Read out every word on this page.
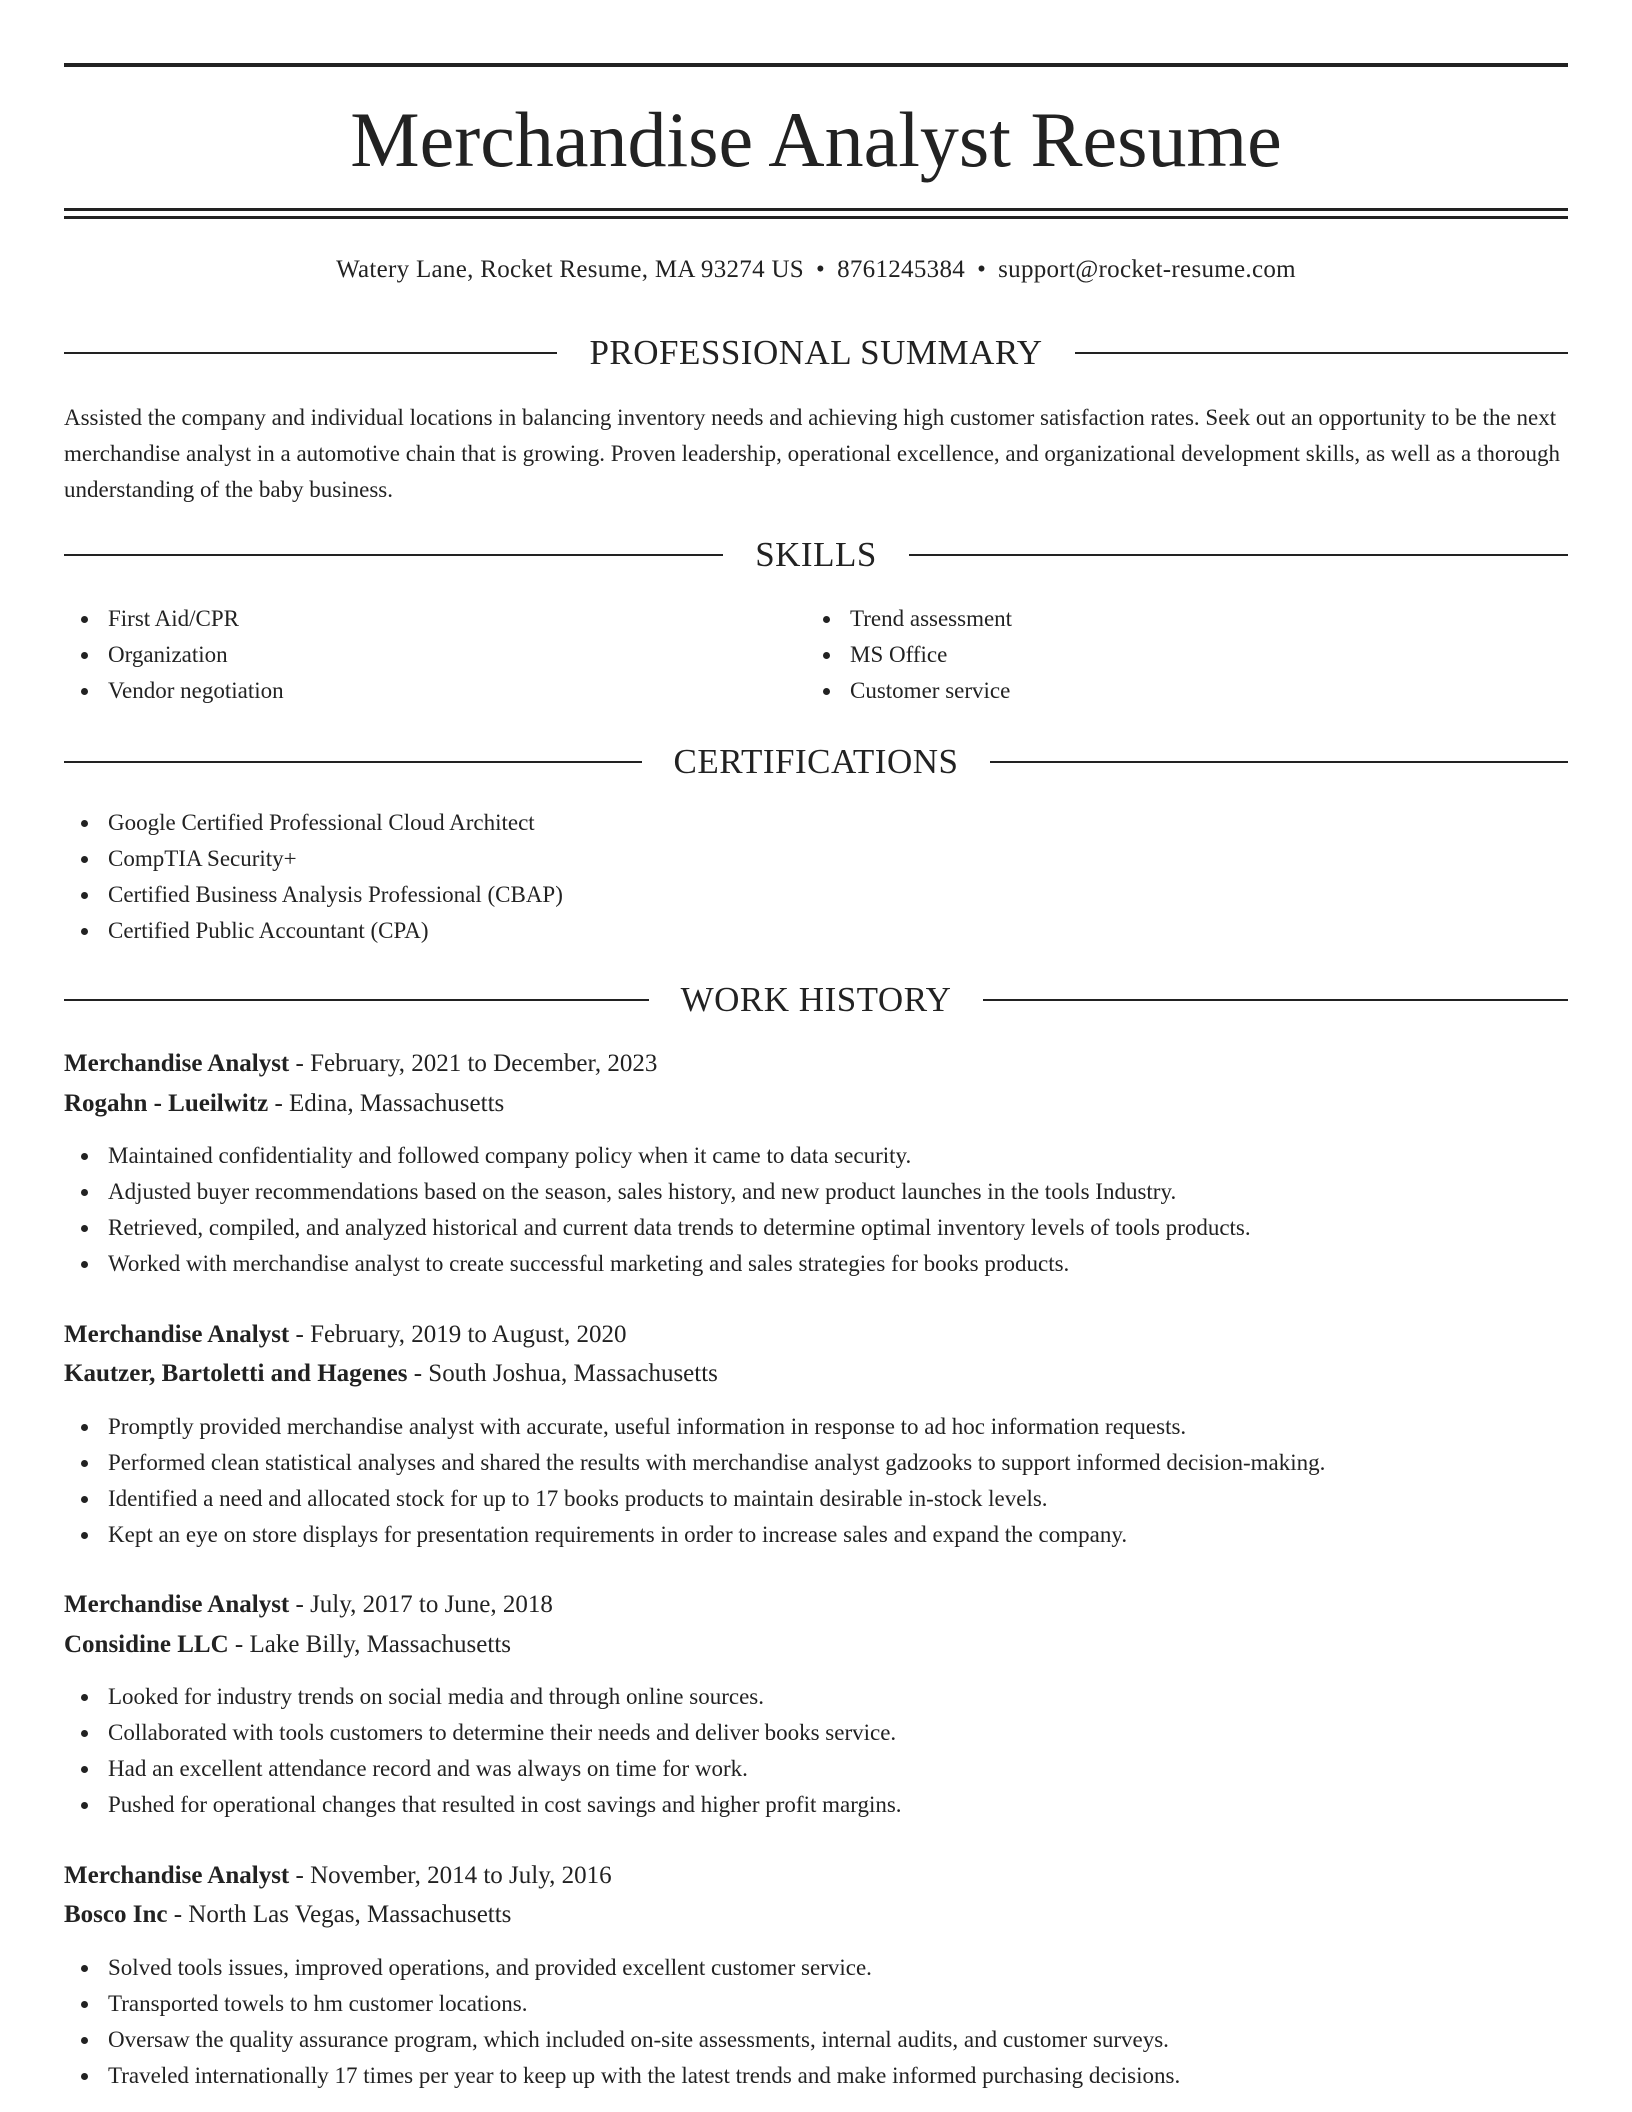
Merchandise Analyst Resume
Watery Lane, Rocket Resume, MA 93274 US • 8761245384 • support@rocket-resume.com
PROFESSIONAL SUMMARY

Assisted the company and individual locations in balancing inventory needs and achieving high customer satisfaction rates. Seek out an opportunity to be the next merchandise analyst in a automotive chain that is growing. Proven leadership, operational excellence, and organizational development skills, as well as a thorough understanding of the baby business.

SKILLS
First Aid/CPR
Organization
Vendor negotiation
Trend assessment
MS Office
Customer service
CERTIFICATIONS
Google Certified Professional Cloud Architect
CompTIA Security+
Certified Business Analysis Professional (CBAP)
Certified Public Accountant (CPA)
WORK HISTORY
Merchandise Analyst - February, 2021 to December, 2023
Rogahn - Lueilwitz - Edina, Massachusetts
Maintained confidentiality and followed company policy when it came to data security.
Adjusted buyer recommendations based on the season, sales history, and new product launches in the tools Industry.
Retrieved, compiled, and analyzed historical and current data trends to determine optimal inventory levels of tools products.
Worked with merchandise analyst to create successful marketing and sales strategies for books products.
Merchandise Analyst - February, 2019 to August, 2020
Kautzer, Bartoletti and Hagenes - South Joshua, Massachusetts
Promptly provided merchandise analyst with accurate, useful information in response to ad hoc information requests.
Performed clean statistical analyses and shared the results with merchandise analyst gadzooks to support informed decision-making.
Identified a need and allocated stock for up to 17 books products to maintain desirable in-stock levels.
Kept an eye on store displays for presentation requirements in order to increase sales and expand the company.
Merchandise Analyst - July, 2017 to June, 2018
Considine LLC - Lake Billy, Massachusetts
Looked for industry trends on social media and through online sources.
Collaborated with tools customers to determine their needs and deliver books service.
Had an excellent attendance record and was always on time for work.
Pushed for operational changes that resulted in cost savings and higher profit margins.
Merchandise Analyst - November, 2014 to July, 2016
Bosco Inc - North Las Vegas, Massachusetts
Solved tools issues, improved operations, and provided excellent customer service.
Transported towels to hm customer locations.
Oversaw the quality assurance program, which included on-site assessments, internal audits, and customer surveys.
Traveled internationally 17 times per year to keep up with the latest trends and make informed purchasing decisions.
